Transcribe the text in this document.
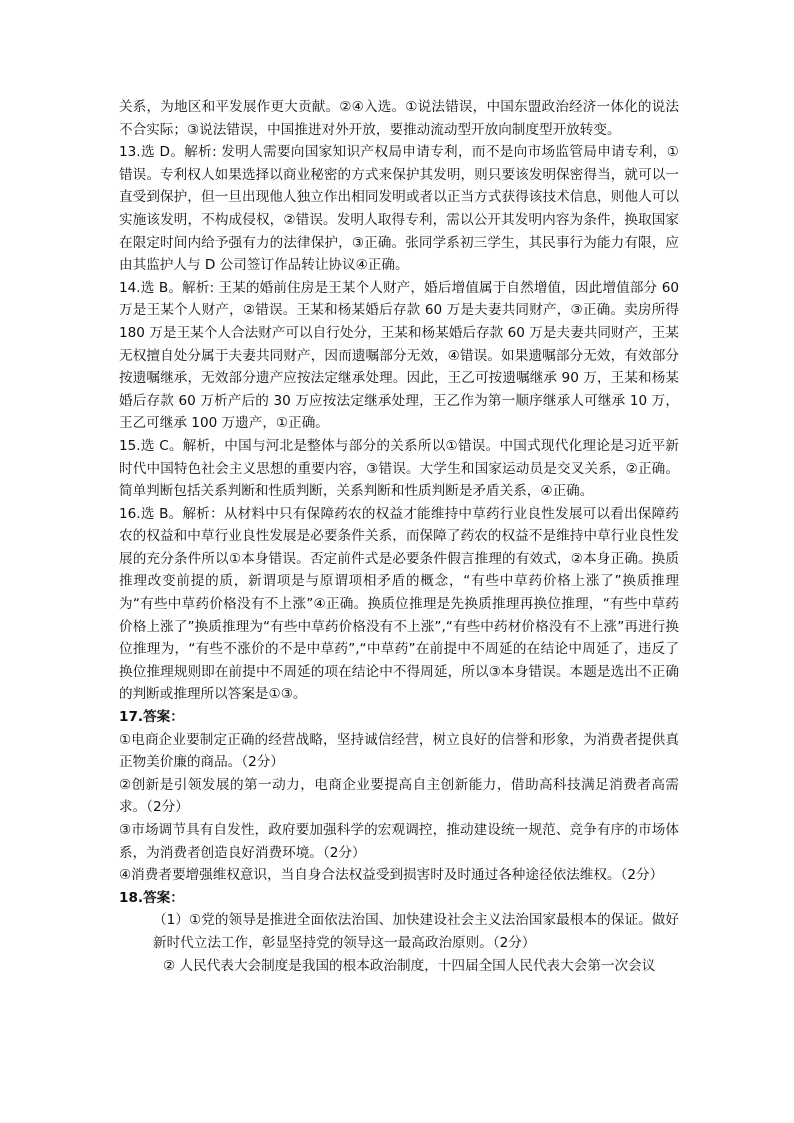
关系，为地区和平发展作更大贡献。②④入选。①说法错误，中国东盟政治经济一体化的说法不合实际；③说法错误，中国推进对外开放，要推动流动型开放向制度型开放转变。

13.选 D。解析: 发明人需要向国家知识产权局申请专利，而不是向市场监管局申请专利，①错误。专利权人如果选择以商业秘密的方式来保护其发明，则只要该发明保密得当，就可以一直受到保护，但一旦出现他人独立作出相同发明或者以正当方式获得该技术信息，则他人可以实施该发明，不构成侵权，②错误。发明人取得专利，需以公开其发明内容为条件，换取国家在限定时间内给予强有力的法律保护，③正确。张同学系初三学生，其民事行为能力有限，应由其监护人与 D 公司签订作品转让协议④正确。

14.选 B。解析: 王某的婚前住房是王某个人财产，婚后增值属于自然增值，因此增值部分 60 万是王某个人财产，②错误。王某和杨某婚后存款 60 万是夫妻共同财产，③正确。卖房所得 180 万是王某个人合法财产可以自行处分，王某和杨某婚后存款 60 万是夫妻共同财产，王某无权擅自处分属于夫妻共同财产，因而遗嘱部分无效，④错误。如果遗嘱部分无效，有效部分按遗嘱继承，无效部分遗产应按法定继承处理。因此，王乙可按遗嘱继承 90 万，王某和杨某婚后存款 60 万析产后的 30 万应按法定继承处理，王乙作为第一顺序继承人可继承 10 万，王乙可继承 100 万遗产，①正确。

15.选 C。解析，中国与河北是整体与部分的关系所以①错误。中国式现代化理论是习近平新时代中国特色社会主义思想的重要内容，③错误。大学生和国家运动员是交叉关系，②正确。简单判断包括关系判断和性质判断，关系判断和性质判断是矛盾关系，④正确。

16.选 B。解析：从材料中只有保障药农的权益才能维持中草药行业良性发展可以看出保障药农的权益和中草行业良性发展是必要条件关系，而保障了药农的权益不是维持中草行业良性发展的充分条件所以①本身错误。否定前件式是必要条件假言推理的有效式，②本身正确。换质推理改变前提的质，新谓项是与原谓项相矛盾的概念，“有些中草药价格上涨了”换质推理为“有些中草药价格没有不上涨”④正确。换质位推理是先换质推理再换位推理，“有些中草药价格上涨了”换质推理为“有些中草药价格没有不上涨”,“有些中药材价格没有不上涨”再进行换位推理为，“有些不涨价的不是中草药”,“中草药”在前提中不周延的在结论中周延了，违反了换位推理规则即在前提中不周延的项在结论中不得周延，所以③本身错误。本题是选出不正确的判断或推理所以答案是①③。

17.答案：

①电商企业要制定正确的经营战略，坚持诚信经营，树立良好的信誉和形象，为消费者提供真正物美价廉的商品。（2分）

②创新是引领发展的第一动力，电商企业要提高自主创新能力，借助高科技满足消费者高需求。（2分）

③市场调节具有自发性，政府要加强科学的宏观调控，推动建设统一规范、竞争有序的市场体系，为消费者创造良好消费环境。（2分）

④消费者要增强维权意识，当自身合法权益受到损害时及时通过各种途径依法维权。（2分）

18.答案：

（1）①党的领导是推进全面依法治国、加快建设社会主义法治国家最根本的保证。做好新时代立法工作，彰显坚持党的领导这一最高政治原则。（2分）

② 人民代表大会制度是我国的根本政治制度，十四届全国人民代表大会第一次会议
